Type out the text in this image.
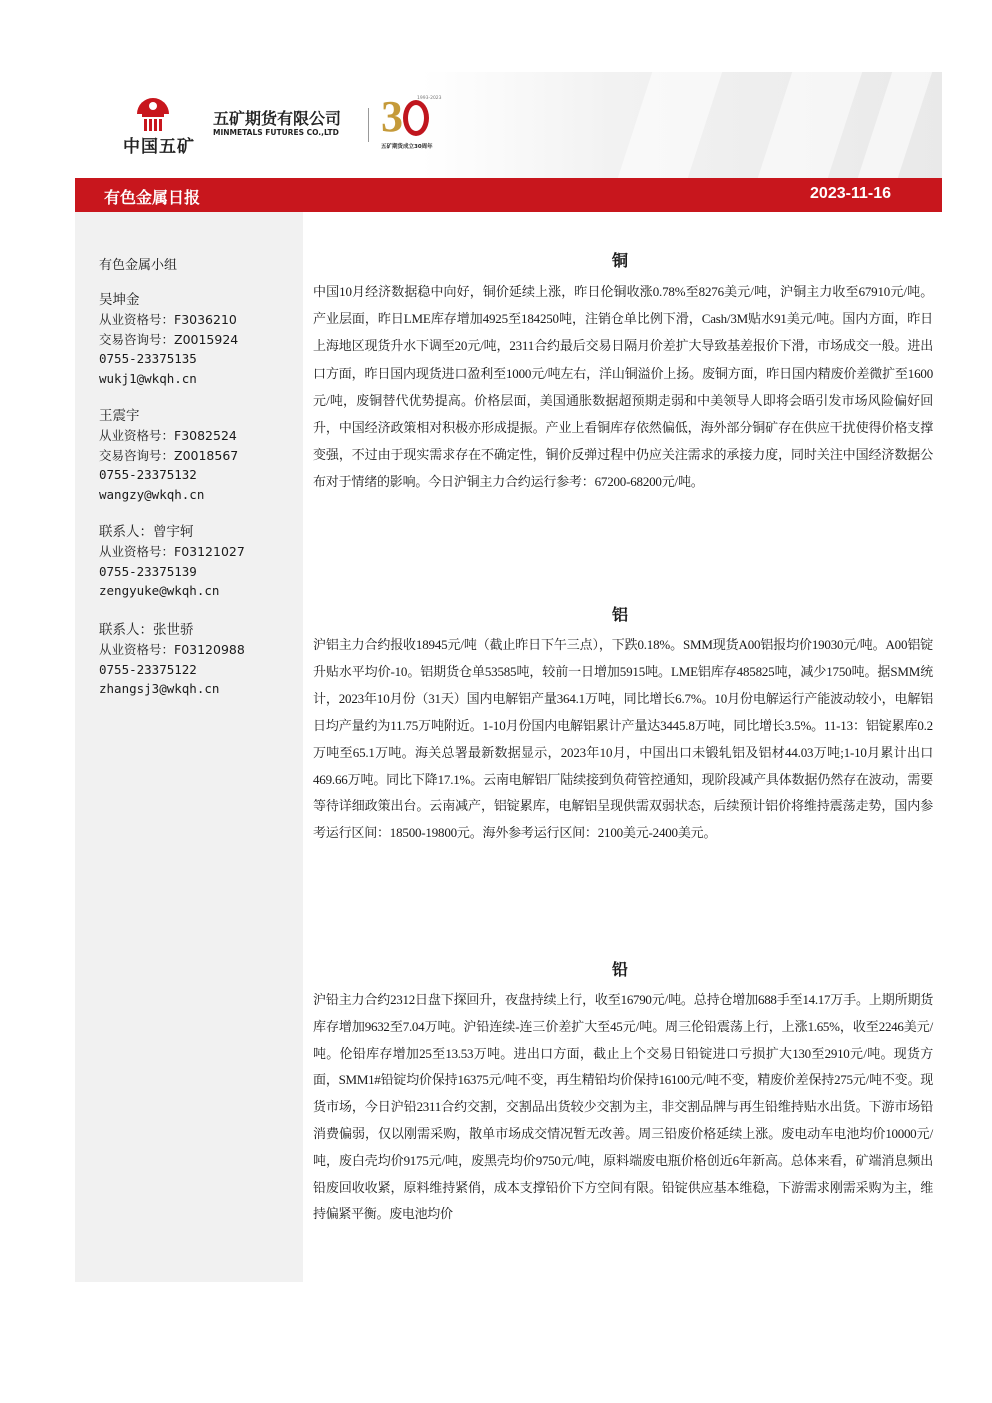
中国五矿
五矿期货有限公司
MINMETALS FUTURES CO.,LTD 3	1993-2023
五矿期货成立30周年
有色金属日报	2023-11-16
有色金属小组
吴坤金
从业资格号：F3036210
交易咨询号：Z0015924
0755-23375135
wukj1@wkqh.cn
王震宇
从业资格号：F3082524
交易咨询号：Z0018567
0755-23375132
wangzy@wkqh.cn
联系人：曾宇轲
从业资格号：F03121027
0755-23375139
zengyuke@wkqh.cn
联系人：张世骄
从业资格号：F03120988
0755-23375122
zhangsj3@wkqh.cn
铜
中国10月经济数据稳中向好，铜价延续上涨，昨日伦铜收涨0.78%至8276美元/吨，沪铜主力收至67910元/吨。产业层面，昨日LME库存增加4925至184250吨，注销仓单比例下滑，Cash/3M贴水91美元/吨。国内方面，昨日上海地区现货升水下调至20元/吨，2311合约最后交易日隔月价差扩大导致基差报价下滑，市场成交一般。进出口方面，昨日国内现货进口盈利至1000元/吨左右，洋山铜溢价上扬。废铜方面，昨日国内精废价差微扩至1600元/吨，废铜替代优势提高。价格层面，美国通胀数据超预期走弱和中美领导人即将会晤引发市场风险偏好回升，中国经济政策相对积极亦形成提振。产业上看铜库存依然偏低，海外部分铜矿存在供应干扰使得价格支撑变强，不过由于现实需求存在不确定性，铜价反弹过程中仍应关注需求的承接力度，同时关注中国经济数据公布对于情绪的影响。今日沪铜主力合约运行参考：67200-68200元/吨。
铝
沪铝主力合约报收18945元/吨（截止昨日下午三点），下跌0.18%。SMM现货A00铝报均价19030元/吨。A00铝锭升贴水平均价-10。铝期货仓单53585吨，较前一日增加5915吨。LME铝库存485825吨，减少1750吨。据SMM统计，2023年10月份（31天）国内电解铝产量364.1万吨，同比增长6.7%。10月份电解运行产能波动较小，电解铝日均产量约为11.75万吨附近。1-10月份国内电解铝累计产量达3445.8万吨，同比增长3.5%。11-13：铝锭累库0.2万吨至65.1万吨。海关总署最新数据显示，2023年10月，中国出口未锻轧铝及铝材44.03万吨;1-10月累计出口469.66万吨。同比下降17.1%。云南电解铝厂陆续接到负荷管控通知，现阶段减产具体数据仍然存在波动，需要等待详细政策出台。云南减产，铝锭累库，电解铝呈现供需双弱状态，后续预计铝价将维持震荡走势，国内参考运行区间：18500-19800元。海外参考运行区间：2100美元-2400美元。
铅
沪铅主力合约2312日盘下探回升，夜盘持续上行，收至16790元/吨。总持仓增加688手至14.17万手。上期所期货库存增加9632至7.04万吨。沪铅连续-连三价差扩大至45元/吨。周三伦铅震荡上行，上涨1.65%，收至2246美元/吨。伦铅库存增加25至13.53万吨。进出口方面，截止上个交易日铅锭进口亏损扩大130至2910元/吨。现货方面，SMM1#铅锭均价保持16375元/吨不变，再生精铅均价保持16100元/吨不变，精废价差保持275元/吨不变。现货市场，今日沪铅2311合约交割，交割品出货较少交割为主，非交割品牌与再生铅维持贴水出货。下游市场铅消费偏弱，仅以刚需采购，散单市场成交情况暂无改善。周三铅废价格延续上涨。废电动车电池均价10000元/吨，废白壳均价9175元/吨，废黑壳均价9750元/吨，原料端废电瓶价格创近6年新高。总体来看，矿端消息频出铅废回收收紧，原料维持紧俏，成本支撑铅价下方空间有限。铅锭供应基本维稳，下游需求刚需采购为主，维持偏紧平衡。废电池均价
